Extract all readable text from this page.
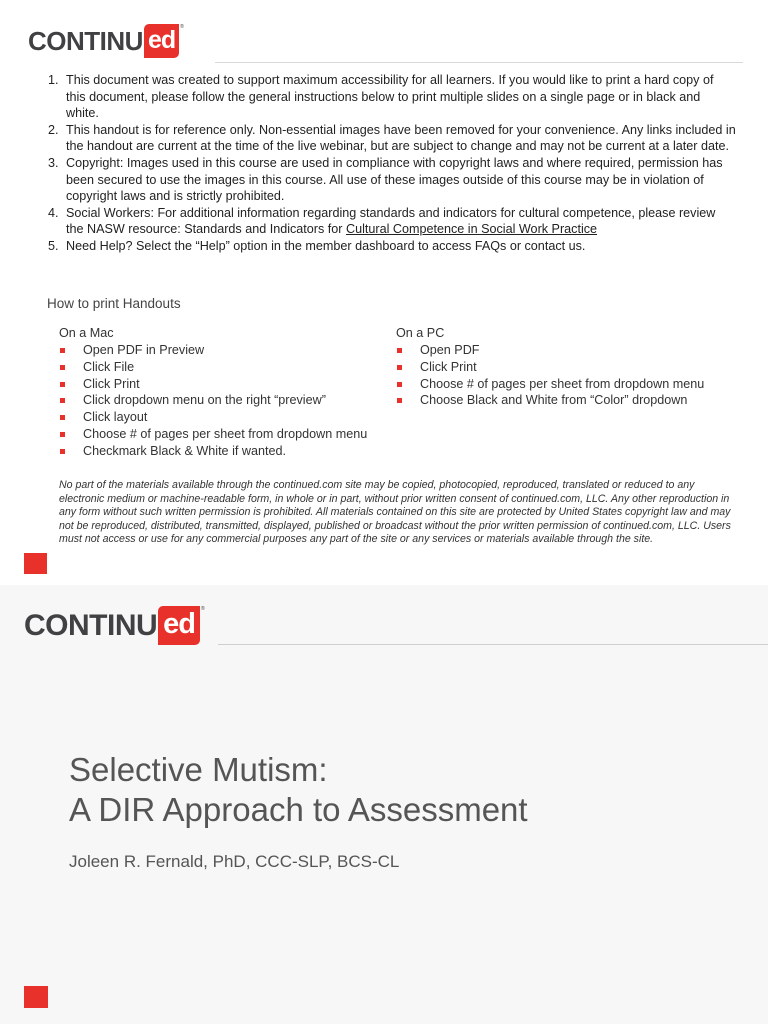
CONTINU ed	®
1. This document was created to support maximum accessibility for all learners. If you would like to print a hard copy of this document, please follow the general instructions below to print multiple slides on a single page or in black and white.
2. This handout is for reference only. Non-essential images have been removed for your convenience. Any links included in the handout are current at the time of the live webinar, but are subject to change and may not be current at a later date.
3. Copyright: Images used in this course are used in compliance with copyright laws and where required, permission has been secured to use the images in this course. All use of these images outside of this course may be in violation of copyright laws and is strictly prohibited.
4. Social Workers: For additional information regarding standards and indicators for cultural competence, please review the NASW resource: Standards and Indicators for Cultural Competence in Social Work Practice
5. Need Help? Select the “Help” option in the member dashboard to access FAQs or contact us.
How to print Handouts
On a Mac
Open PDF in Preview
Click File
Click Print
Click dropdown menu on the right “preview”
Click layout
Choose # of pages per sheet from dropdown menu
Checkmark Black & White if wanted.
On a PC
Open PDF
Click Print
Choose # of pages per sheet from dropdown menu
Choose Black and White from “Color” dropdown
No part of the materials available through the continued.com site may be copied, photocopied, reproduced, translated or reduced to any electronic medium or machine-readable form, in whole or in part, without prior written consent of continued.com, LLC. Any other reproduction in any form without such written permission is prohibited. All materials contained on this site are protected by United States copyright law and may not be reproduced, distributed, transmitted, displayed, published or broadcast without the prior written permission of continued.com, LLC. Users must not access or use for any commercial purposes any part of the site or any services or materials available through the site.
CONTINU ed	®
Selective Mutism:
A DIR Approach to Assessment
Joleen R. Fernald, PhD, CCC-SLP, BCS-CL
